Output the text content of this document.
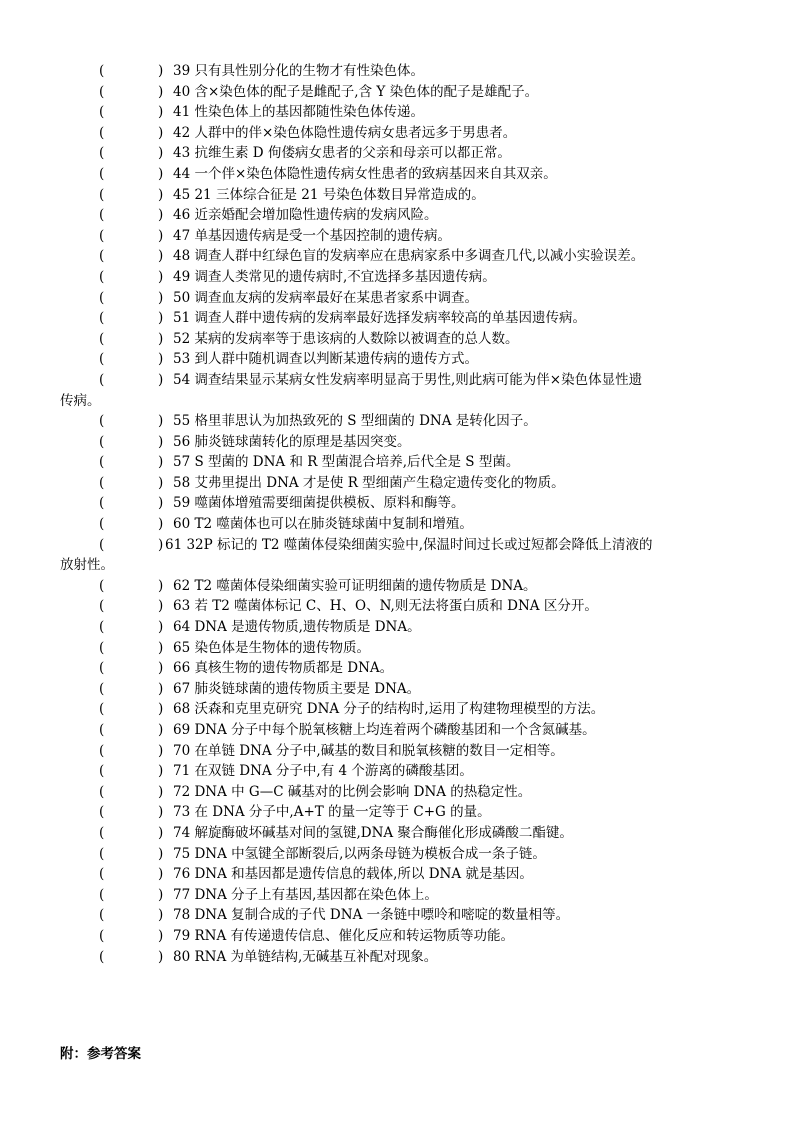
(	) 39 只有具性别分化的生物才有性染色体。
(	) 40 含×染色体的配子是雌配子,含 Y 染色体的配子是雄配子。
(	) 41 性染色体上的基因都随性染色体传递。
(	) 42 人群中的伴×染色体隐性遗传病女患者远多于男患者。
(	) 43 抗维生素 D 佝偻病女患者的父亲和母亲可以都正常。
(	) 44 一个伴×染色体隐性遗传病女性患者的致病基因来自其双亲。
(	) 45 21 三体综合征是 21 号染色体数目异常造成的。
(	) 46 近亲婚配会增加隐性遗传病的发病风险。
(	) 47 单基因遗传病是受一个基因控制的遗传病。
(	) 48 调查人群中红绿色盲的发病率应在患病家系中多调查几代,以减小实验误差。
(	) 49 调查人类常见的遗传病时,不宜选择多基因遗传病。
(	) 50 调查血友病的发病率最好在某患者家系中调查。
(	) 51 调查人群中遗传病的发病率最好选择发病率较高的单基因遗传病。
(	) 52 某病的发病率等于患该病的人数除以被调查的总人数。
(	) 53 到人群中随机调查以判断某遗传病的遗传方式。
(	) 54 调查结果显示某病女性发病率明显高于男性,则此病可能为伴×染色体显性遗
传病。
(	) 55 格里菲思认为加热致死的 S 型细菌的 DNA 是转化因子。
(	) 56 肺炎链球菌转化的原理是基因突变。
(	) 57 S 型菌的 DNA 和 R 型菌混合培养,后代全是 S 型菌。
(	) 58 艾弗里提出 DNA 才是使 R 型细菌产生稳定遗传变化的物质。
(	) 59 噬菌体增殖需要细菌提供模板、原料和酶等。
(	) 60 T2 噬菌体也可以在肺炎链球菌中复制和增殖。
(	) 61 32P 标记的 T2 噬菌体侵染细菌实验中,保温时间过长或过短都会降低上清液的
放射性。
(	) 62 T2 噬菌体侵染细菌实验可证明细菌的遗传物质是 DNA。
(	) 63 若 T2 噬菌体标记 C、H、O、N,则无法将蛋白质和 DNA 区分开。
(	) 64 DNA 是遗传物质,遗传物质是 DNA。
(	) 65 染色体是生物体的遗传物质。
(	) 66 真核生物的遗传物质都是 DNA。
(	) 67 肺炎链球菌的遗传物质主要是 DNA。
(	) 68 沃森和克里克研究 DNA 分子的结构时,运用了构建物理模型的方法。
(	) 69 DNA 分子中每个脱氧核糖上均连着两个磷酸基团和一个含氮碱基。
(	) 70 在单链 DNA 分子中,碱基的数目和脱氧核糖的数目一定相等。
(	) 71 在双链 DNA 分子中,有 4 个游离的磷酸基团。
(	) 72 DNA 中 G—C 碱基对的比例会影响 DNA 的热稳定性。
(	) 73 在 DNA 分子中,A+T 的量一定等于 C+G 的量。
(	) 74 解旋酶破坏碱基对间的氢键,DNA 聚合酶催化形成磷酸二酯键。
(	) 75 DNA 中氢键全部断裂后,以两条母链为模板合成一条子链。
(	) 76 DNA 和基因都是遗传信息的载体,所以 DNA 就是基因。
(	) 77 DNA 分子上有基因,基因都在染色体上。
(	) 78 DNA 复制合成的子代 DNA 一条链中嘌呤和嘧啶的数量相等。
(	) 79 RNA 有传递遗传信息、催化反应和转运物质等功能。
(	) 80 RNA 为单链结构,无碱基互补配对现象。
附：参考答案
